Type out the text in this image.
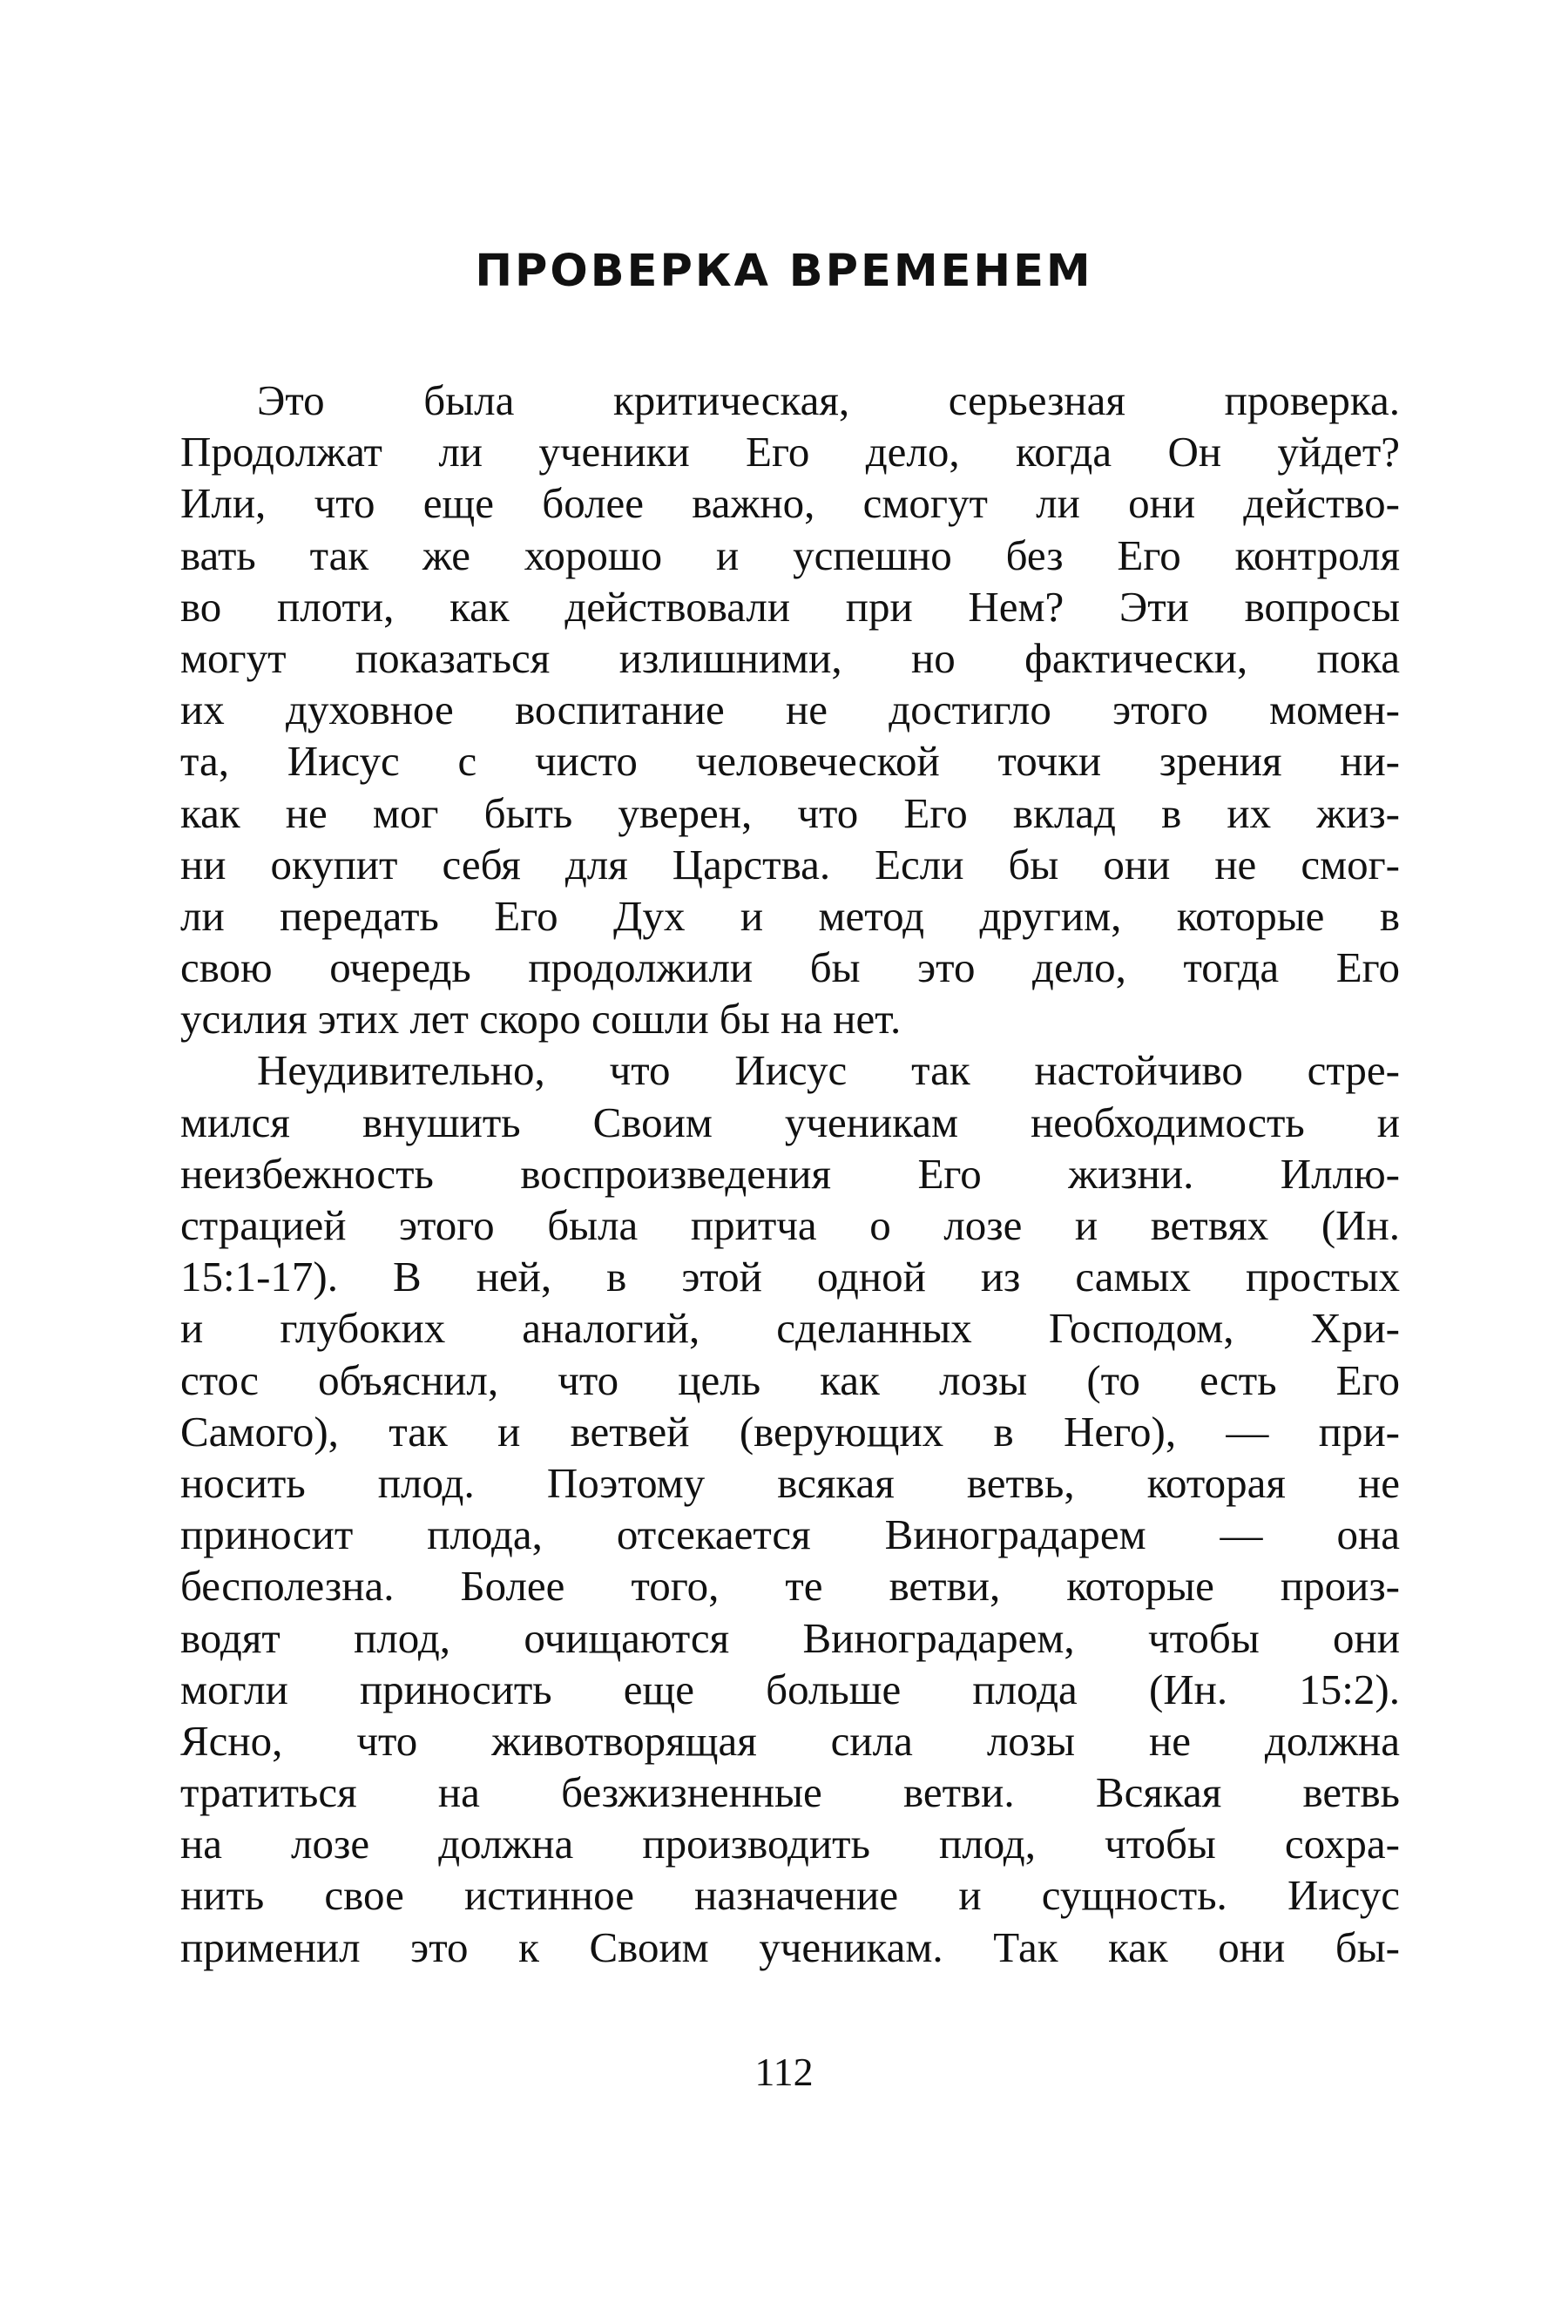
ПРОВЕРКА ВРЕМЕНЕМ

Это была критическая, серьезная проверка.
Продолжат ли ученики Его дело, когда Он уйдет?
Или, что еще более важно, смогут ли они действо-
вать так же хорошо и успешно без Его контроля
во плоти, как действовали при Нем? Эти вопросы
могут показаться излишними, но фактически, пока
их духовное воспитание не достигло этого момен-
та, Иисус с чисто человеческой точки зрения ни-
как не мог быть уверен, что Его вклад в их жиз-
ни окупит себя для Царства. Если бы они не смог-
ли передать Его Дух и метод другим, которые в
свою очередь продолжили бы это дело, тогда Его
усилия этих лет скоро сошли бы на нет.

Неудивительно, что Иисус так настойчиво стре-
мился внушить Своим ученикам необходимость и
неизбежность воспроизведения Его жизни. Иллю-
страцией этого была притча о лозе и ветвях (Ин.
15:1-17). В ней, в этой одной из самых простых
и глубоких аналогий, сделанных Господом, Хри-
стос объяснил, что цель как лозы (то есть Его
Самого), так и ветвей (верующих в Него), — при-
носить плод. Поэтому всякая ветвь, которая не
приносит плода, отсекается Виноградарем — она
бесполезна. Более того, те ветви, которые произ-
водят плод, очищаются Виноградарем, чтобы они
могли приносить еще больше плода (Ин. 15:2).
Ясно, что животворящая сила лозы не должна
тратиться на безжизненные ветви. Всякая ветвь
на лозе должна производить плод, чтобы сохра-
нить свое истинное назначение и сущность. Иисус
применил это к Своим ученикам. Так как они бы-

112
